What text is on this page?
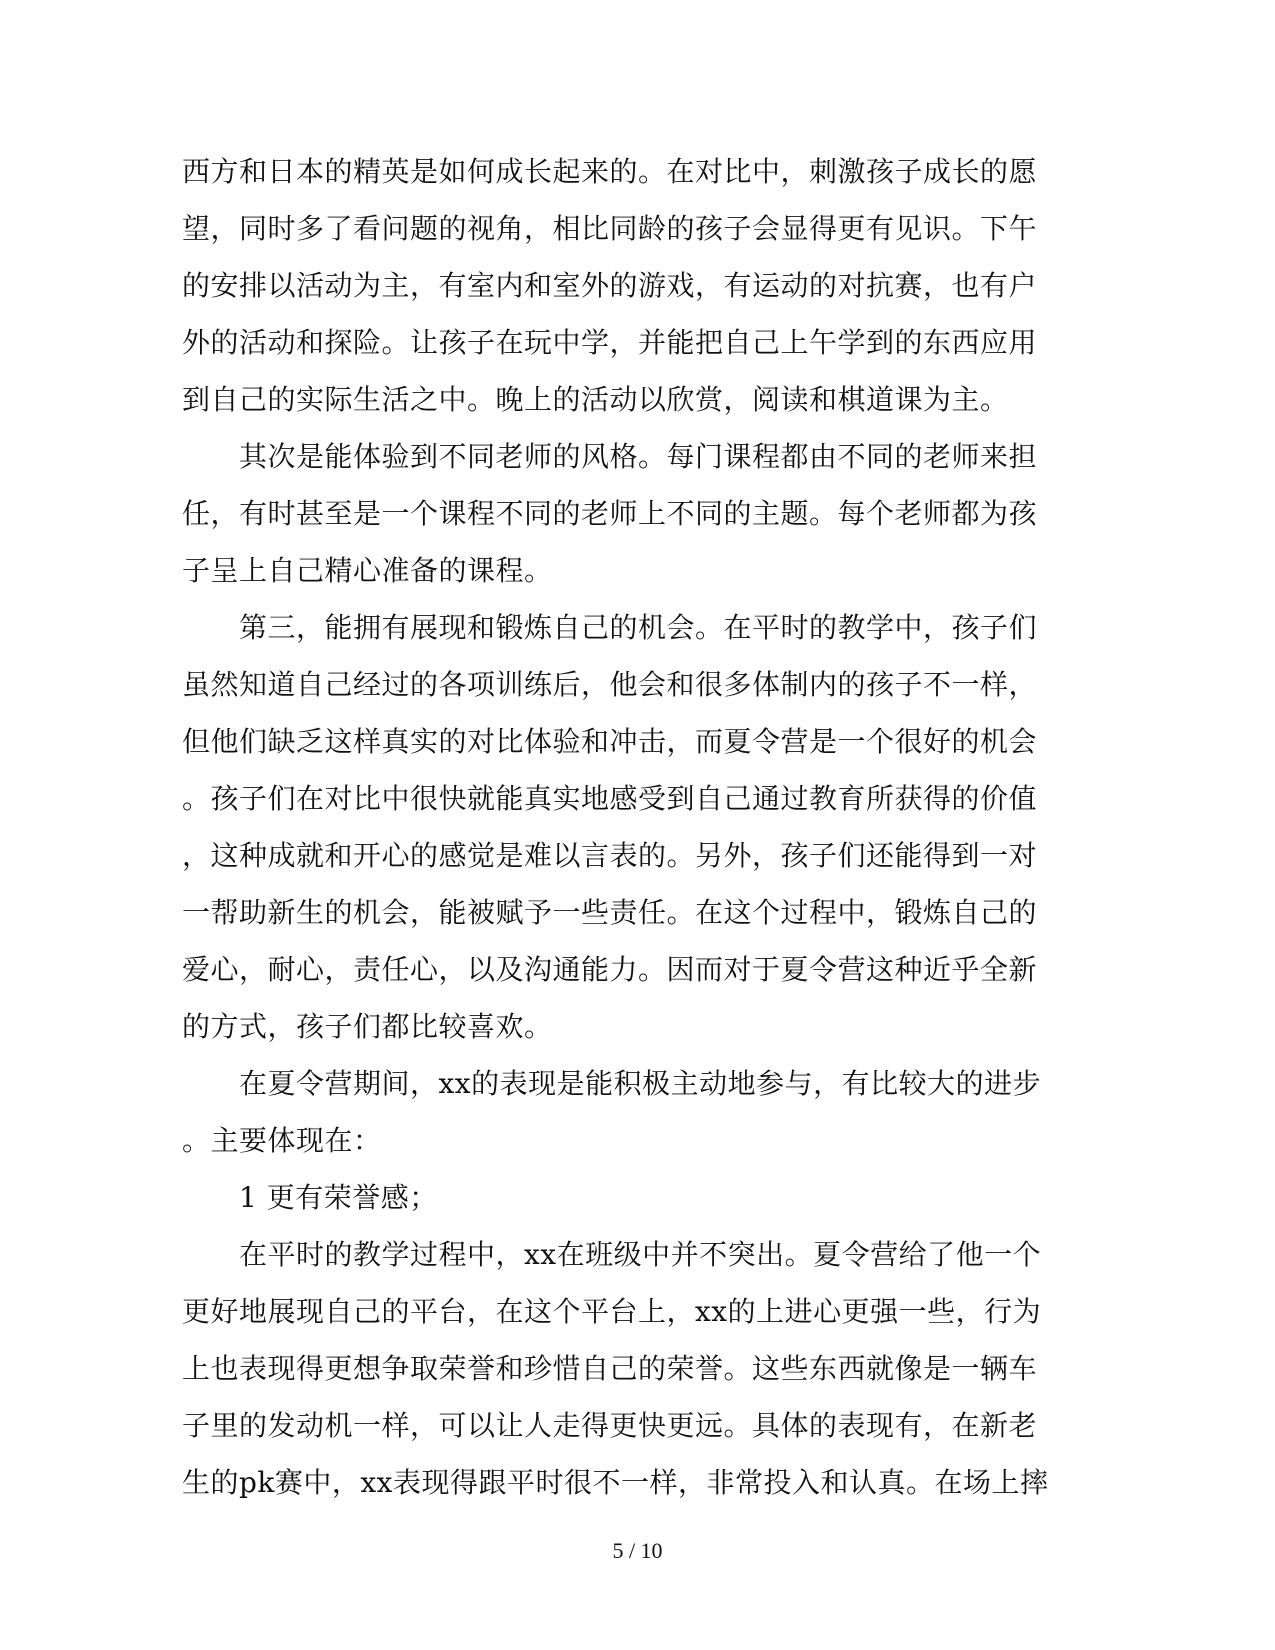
西方和日本的精英是如何成长起来的。在对比中，刺激孩子成长的愿
望，同时多了看问题的视角，相比同龄的孩子会显得更有见识。下午
的安排以活动为主，有室内和室外的游戏，有运动的对抗赛，也有户
外的活动和探险。让孩子在玩中学，并能把自己上午学到的东西应用
到自己的实际生活之中。晚上的活动以欣赏，阅读和棋道课为主。
　　其次是能体验到不同老师的风格。每门课程都由不同的老师来担
任，有时甚至是一个课程不同的老师上不同的主题。每个老师都为孩
子呈上自己精心准备的课程。
　　第三，能拥有展现和锻炼自己的机会。在平时的教学中，孩子们
虽然知道自己经过的各项训练后，他会和很多体制内的孩子不一样，
但他们缺乏这样真实的对比体验和冲击，而夏令营是一个很好的机会
。孩子们在对比中很快就能真实地感受到自己通过教育所获得的价值
，这种成就和开心的感觉是难以言表的。另外，孩子们还能得到一对
一帮助新生的机会，能被赋予一些责任。在这个过程中，锻炼自己的
爱心，耐心，责任心，以及沟通能力。因而对于夏令营这种近乎全新
的方式，孩子们都比较喜欢。
　　在夏令营期间，xx的表现是能积极主动地参与，有比较大的进步
。主要体现在：
　　1 更有荣誉感；
　　在平时的教学过程中，xx在班级中并不突出。夏令营给了他一个
更好地展现自己的平台，在这个平台上，xx的上进心更强一些，行为
上也表现得更想争取荣誉和珍惜自己的荣誉。这些东西就像是一辆车
子里的发动机一样，可以让人走得更快更远。具体的表现有，在新老
生的pk赛中，xx表现得跟平时很不一样，非常投入和认真。在场上摔
5 / 10
